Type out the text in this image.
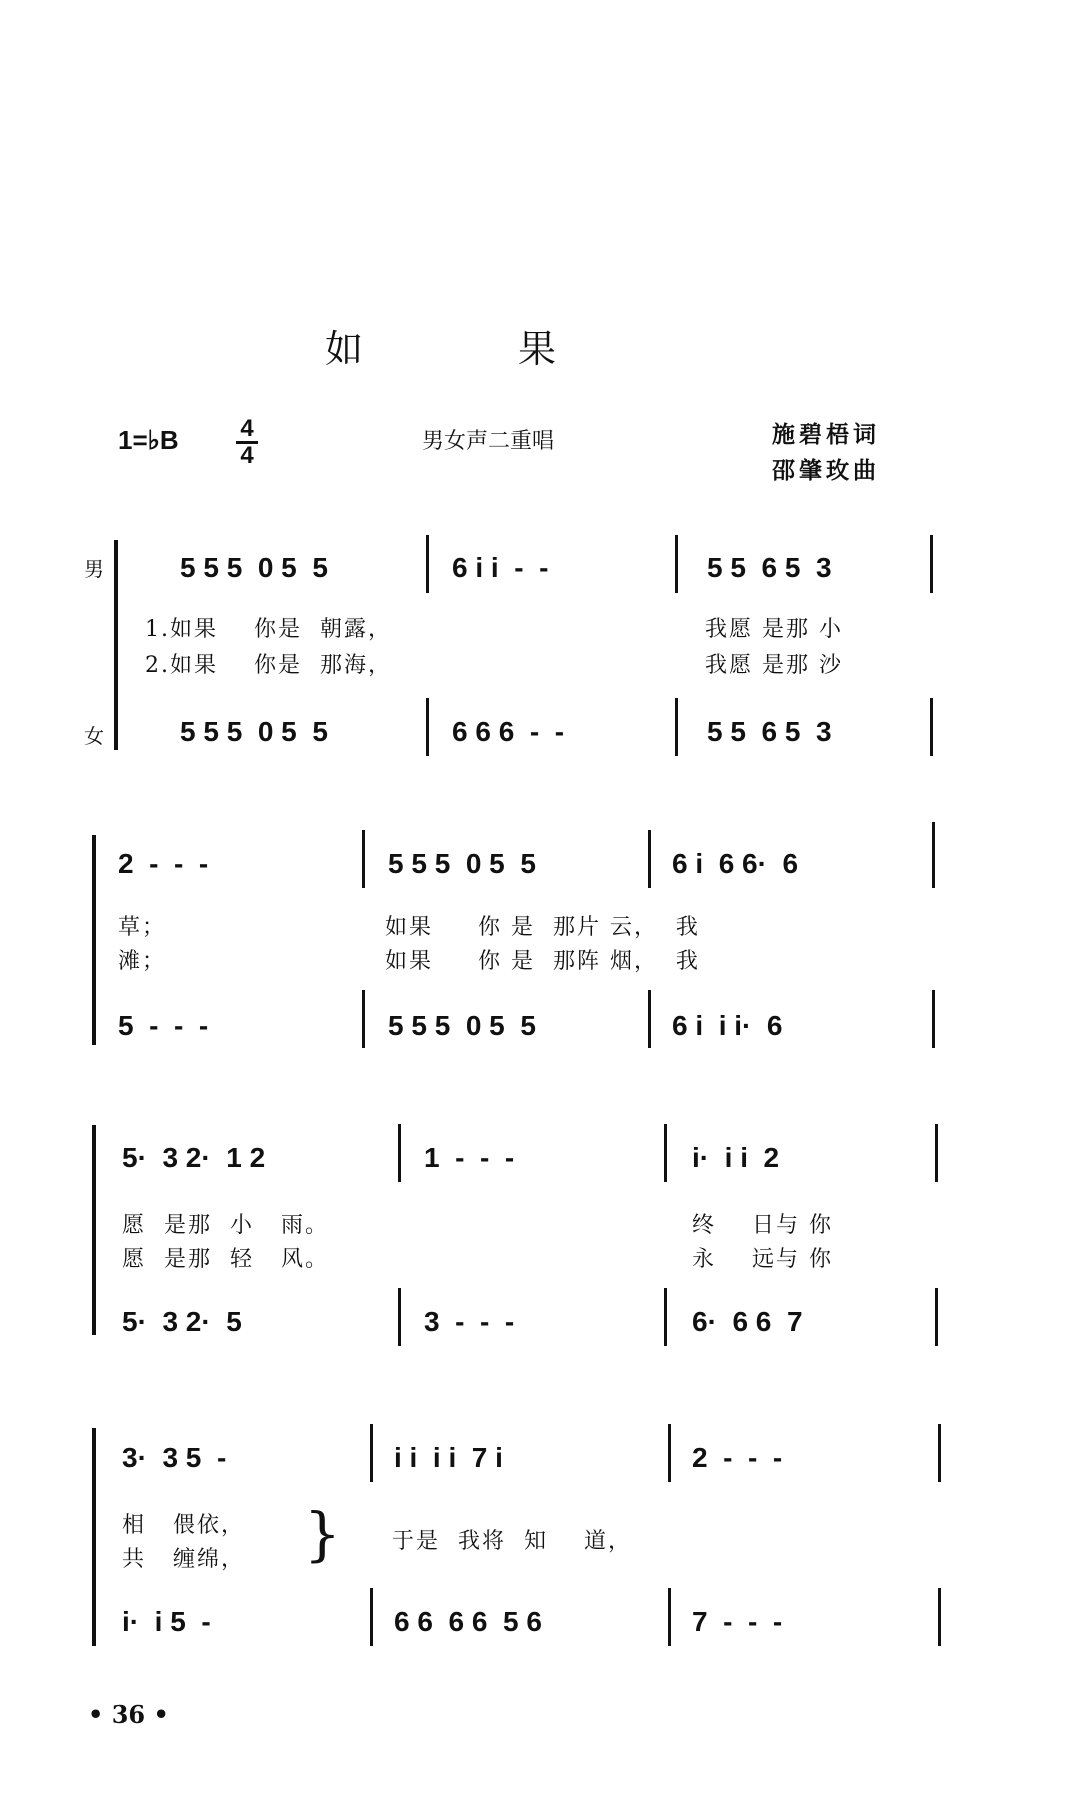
如	果
1=♭B	4
4
男女声二重唱	施碧梧词
邵肇玫曲
男
女
5 5 5  0 5  5	6 i i  -  -	5 5  6 5  3
1.如果    你是  朝露，	我愿 是那 小
2.如果    你是  那海，	我愿 是那 沙
5 5 5  0 5  5	6 6 6  -  -	5 5  6 5  3
2  -  -  -	5 5 5  0 5  5	6 i  6 6·  6
草；	如果     你 是  那片 云，  我
滩；	如果     你 是  那阵 烟，  我
5  -  -  -	5 5 5  0 5  5	6 i  i i·  6
5·  3 2·  1 2	1  -  -  -	i·  i i  2
愿  是那  小   雨。	终    日与 你
愿  是那  轻   风。	永    远与 你
5·  3 2·  5	3  -  -  -	6·  6 6  7
3·  3 5  -	i i  i i  7 i	2  -  -  -
相   偎依，
共   缠绵， } 于是  我将  知    道，
i·  i 5  -	6 6  6 6  5 6	7  -  -  -
• 36 •
